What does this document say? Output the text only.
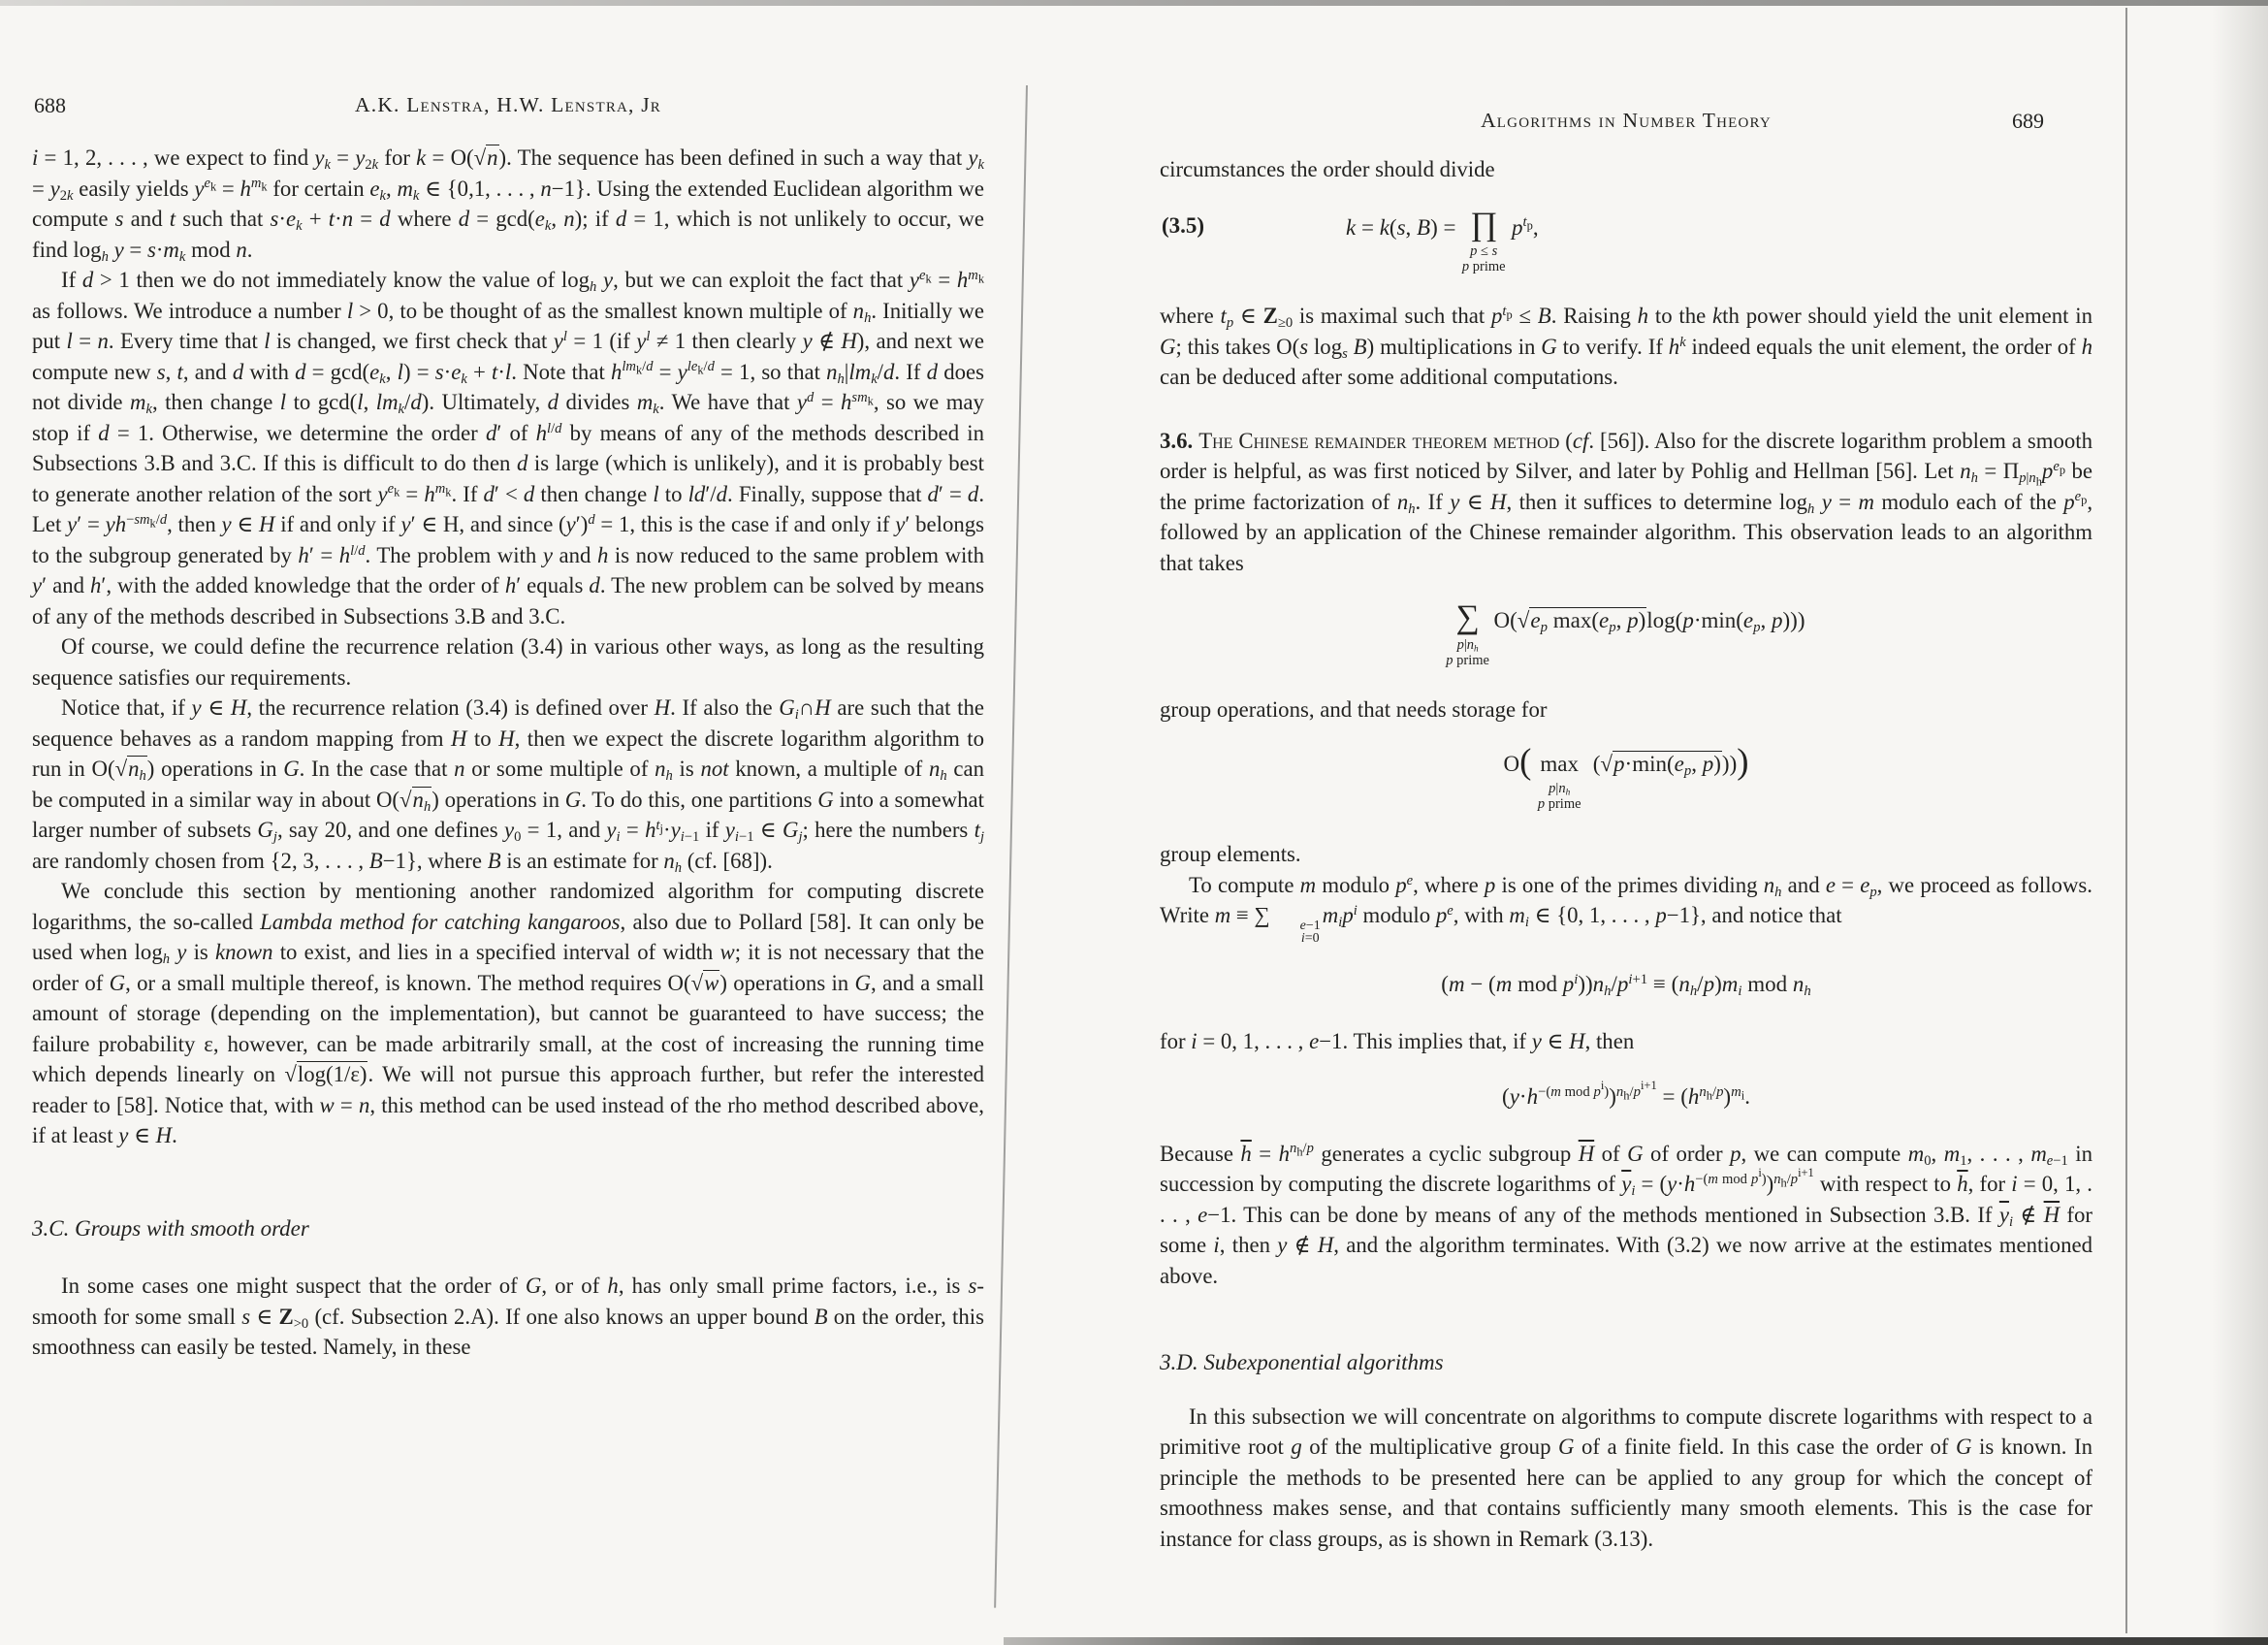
688	A.K. Lenstra, H.W. Lenstra, Jr

i = 1, 2, . . . , we expect to find $y_k = y_{2k}$ for k = O(√n). The sequence has been defined in such a way that $y_k = y_{2k}$ easily yields $y^{e_k} = h^{m_k}$ for certain $e_k$, $m_k$ ∈ {0,1, . . . , n−1}. Using the extended Euclidean algorithm we compute s and t such that $s\cdot e_k + t\cdot n = d$ where $d = \gcd(e_k$, n); if d = 1, which is not unlikely to occur, we find $\log_h y = s\cdot m_k$ mod n.

If d > 1 then we do not immediately know the value of $\log_h y$, but we can exploit the fact that $y^{e_k} = h^{m_k}$ as follows. We introduce a number l > 0, to be thought of as the smallest known multiple of $n_h$. Initially we put l = n. Every time that l is changed, we first check that $y^l = 1$ (if $y^l \ne 1$ then clearly y ∉ H), and next we compute new s, t, and d with $d = \gcd(e_k$, $l) = s\cdot e_k + t\cdot l$. Note that $h^{lm_k/d} = y^{le_k/d} = 1$, so that $n_h|lm_k/d$. If d does not divide $m_k$, then change l to gcd(l, $lm_k/d$). Ultimately, d divides $m_k$. We have that $y^d = h^{sm_k}$, so we may stop if d = 1. Otherwise, we determine the order d′ of $h^{l/d}$ by means of any of the methods described in Subsections 3.B and 3.C. If this is difficult to do then d is large (which is unlikely), and it is probably best to generate another relation of the sort $y^{e_k} = h^{m_k}$. If d′ < d then change l to ld′/d. Finally, suppose that d′ = d. Let $y' = yh^{-sm_k/d}$, then y ∈ H if and only if y′ ∈ H, and since $(y')^d = 1$, this is the case if and only if y′ belongs to the subgroup generated by $h' = h^{l/d}$. The problem with y and h is now reduced to the same problem with y′ and h′, with the added knowledge that the order of h′ equals d. The new problem can be solved by means of any of the methods described in Subsections 3.B and 3.C.

Of course, we could define the recurrence relation (3.4) in various other ways, as long as the resulting sequence satisfies our requirements.

Notice that, if y ∈ H, the recurrence relation (3.4) is defined over H. If also the $G_i\cap H$ are such that the sequence behaves as a random mapping from H to H, then we expect the discrete logarithm algorithm to run in $O(√n_h)$ operations in G. In the case that n or some multiple of $n_h$ is not known, a multiple of $n_h$ can be computed in a similar way in about $O(√n_h)$ operations in G. To do this, one partitions G into a somewhat larger number of subsets $G_j$, say 20, and one defines $y_0 = 1$, and $y_i = h^{t_j}\cdot y_{i-1}$ if $y_{i-1}$ ∈ $G_j$; here the numbers $t_j$ are randomly chosen from {2, 3, . . . , B−1}, where B is an estimate for $n_h$ (cf. [68]).

We conclude this section by mentioning another randomized algorithm for computing discrete logarithms, the so-called Lambda method for catching kangaroos, also due to Pollard [58]. It can only be used when $\log_h y$ is known to exist, and lies in a specified interval of width w; it is not necessary that the order of G, or a small multiple thereof, is known. The method requires O(√w) operations in G, and a small amount of storage (depending on the implementation), but cannot be guaranteed to have success; the failure probability ε, however, can be made arbitrarily small, at the cost of increasing the running time which depends linearly on √log(1/ε). We will not pursue this approach further, but refer the interested reader to [58]. Notice that, with w = n, this method can be used instead of the rho method described above, if at least y ∈ H.

3.C. Groups with smooth order

In some cases one might suspect that the order of G, or of h, has only small prime factors, i.e., is s-smooth for some small s ∈ $Z_{>0}$ (cf. Subsection 2.A). If one also knows an upper bound B on the order, this smoothness can easily be tested. Namely, in these

Algorithms in Number Theory	689

circumstances the order should divide

(3.5)	k = k(s, B) = ∏
p ≤ s
p prime
$p^{t_p}$,

where $t_p$ ∈ $Z_{\ge 0}$ is maximal such that $p^{t_p} \le B$. Raising h to the kth power should yield the unit element in G; this takes O(s $\log_s B$) multiplications in G to verify. If $h^k$ indeed equals the unit element, the order of h can be deduced after some additional computations.

3.6. The Chinese remainder theorem method (cf. [56]). Also for the discrete logarithm problem a smooth order is helpful, as was first noticed by Silver, and later by Pohlig and Hellman [56]. Let $n_h = \Pi_{p|n_h}p^{e_p}$ be the prime factorization of $n_h$. If y ∈ H, then it suffices to determine $\log_h y = m$ modulo each of the $p^{e_p}$, followed by an application of the Chinese remainder algorithm. This observation leads to an algorithm that takes

∑
$p|n_h$
p prime
$O(√e_p$ $\max(e_p$, $p)\log(p\cdot\min(e_p$, p)))

group operations, and that needs storage for

O( max
$p|n_h$
p prime
($√p\cdot\min(e_p$, p))))

group elements.

To compute m modulo $p^e$, where p is one of the primes dividing $n_h$ and $e = e_p$, we proceed as follows. Write m ≡ ∑	e−1
i=0
$m_ip^i$ modulo $p^e$, with $m_i$ ∈ {0, 1, . . . , p−1}, and notice that

(m − (m mod $p^i))n_h/p^{i+1} \equiv (n_h/p)m_i$ mod $n_h$

for i = 0, 1, . . . , e−1. This implies that, if y ∈ H, then

$(y\cdot h^{-(m mod p^i)})^{n_h/p^{i+1}} = (h^{n_h/p})^{m_i}$.

Because $\overline{h} = h^{n_h/p}$ generates a cyclic subgroup $\overline{H}$ of G of order p, we can compute $m_0$, $m_1$, . . . , $m_{e-1}$ in succession by computing the discrete logarithms of $\overline{y}_i = (y\cdot h^{-(m mod p^i)})^{n_h/p^{i+1}}$ with respect to $\overline{h}$, for i = 0, 1, . . . , e−1. This can be done by means of any of the methods mentioned in Subsection 3.B. If $\overline{y}_i$ ∉ $\overline{H}$ for some i, then y ∉ H, and the algorithm terminates. With (3.2) we now arrive at the estimates mentioned above.

3.D. Subexponential algorithms

In this subsection we will concentrate on algorithms to compute discrete logarithms with respect to a primitive root g of the multiplicative group G of a finite field. In this case the order of G is known. In principle the methods to be presented here can be applied to any group for which the concept of smoothness makes sense, and that contains sufficiently many smooth elements. This is the case for instance for class groups, as is shown in Remark (3.13).
